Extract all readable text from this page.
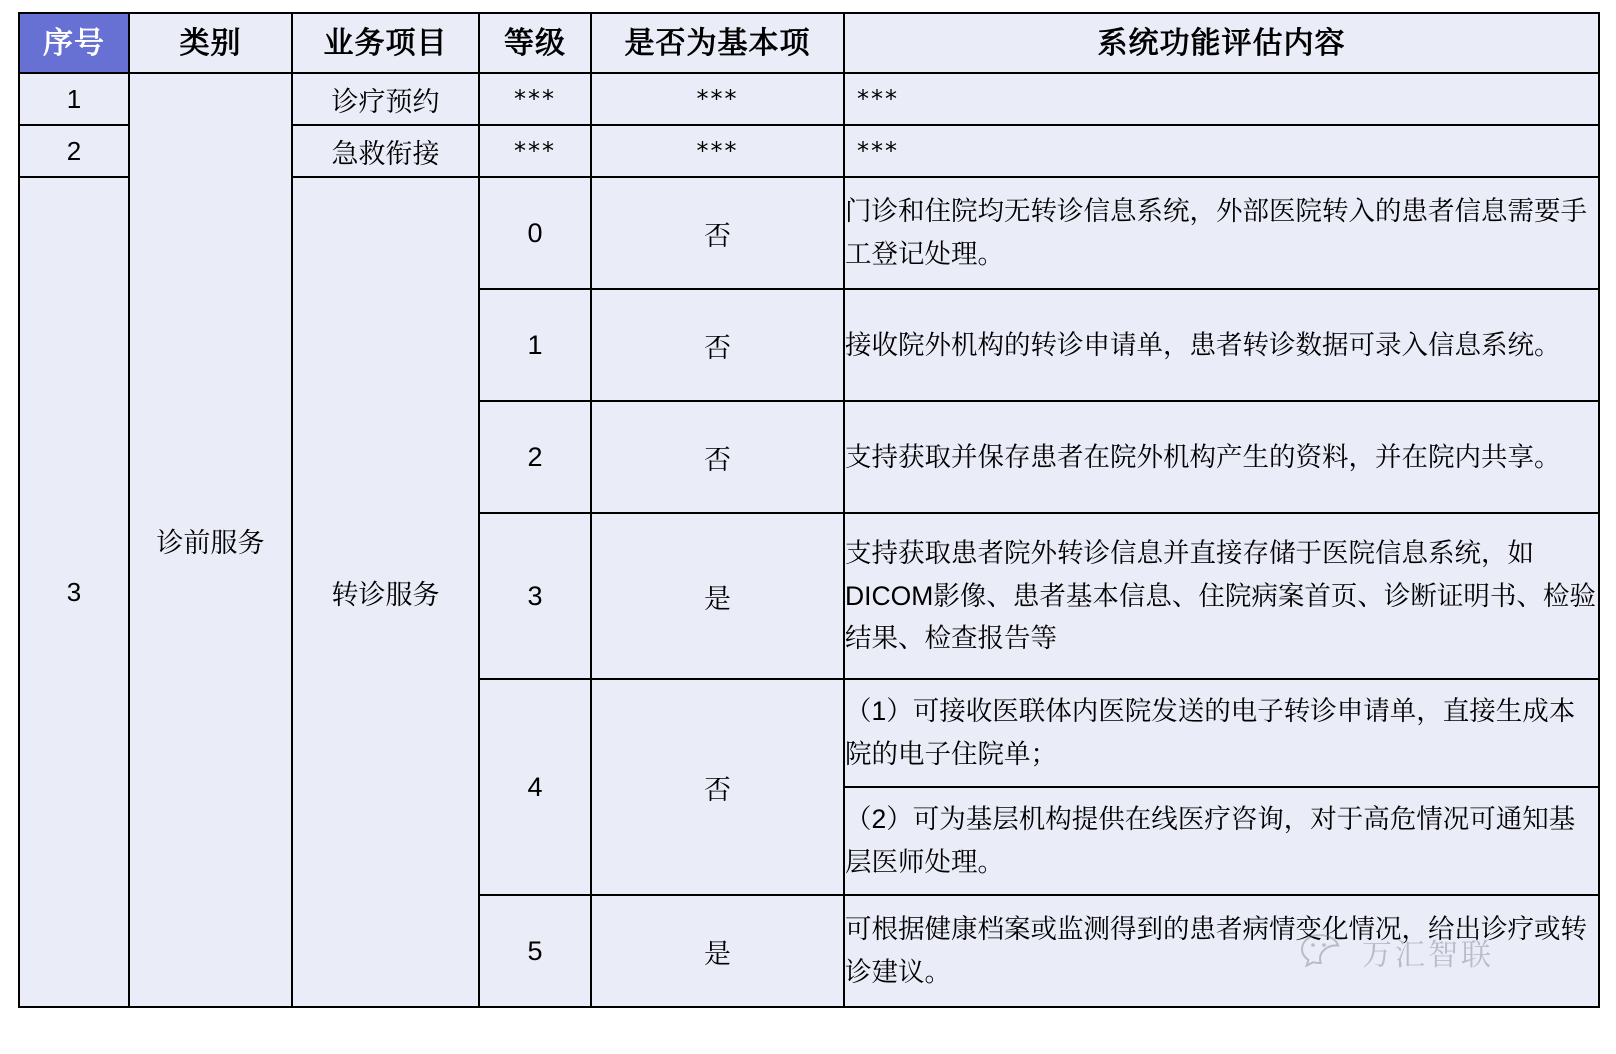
序号	类别	业务项目	等级	是否为基本项	系统功能评估内容
1	诊前服务	诊疗预约	***	***	***
2		急救衔接	***	***	***
3		转诊服务	0	否	门诊和住院均无转诊信息系统，外部医院转入的患者信息需要手工登记处理。
			1	否	接收院外机构的转诊申请单，患者转诊数据可录入信息系统。
			2	否	支持获取并保存患者在院外机构产生的资料，并在院内共享。
			3	是	支持获取患者院外转诊信息并直接存储于医院信息系统，如DICOM影像、患者基本信息、住院病案首页、诊断证明书、检验结果、检查报告等
			4	否	（1）可接收医联体内医院发送的电子转诊申请单，直接生成本院的电子住院单；
					（2）可为基层机构提供在线医疗咨询，对于高危情况可通知基层医师处理。
			5	是	可根据健康档案或监测得到的患者病情变化情况，给出诊疗或转诊建议。	万汇智联
